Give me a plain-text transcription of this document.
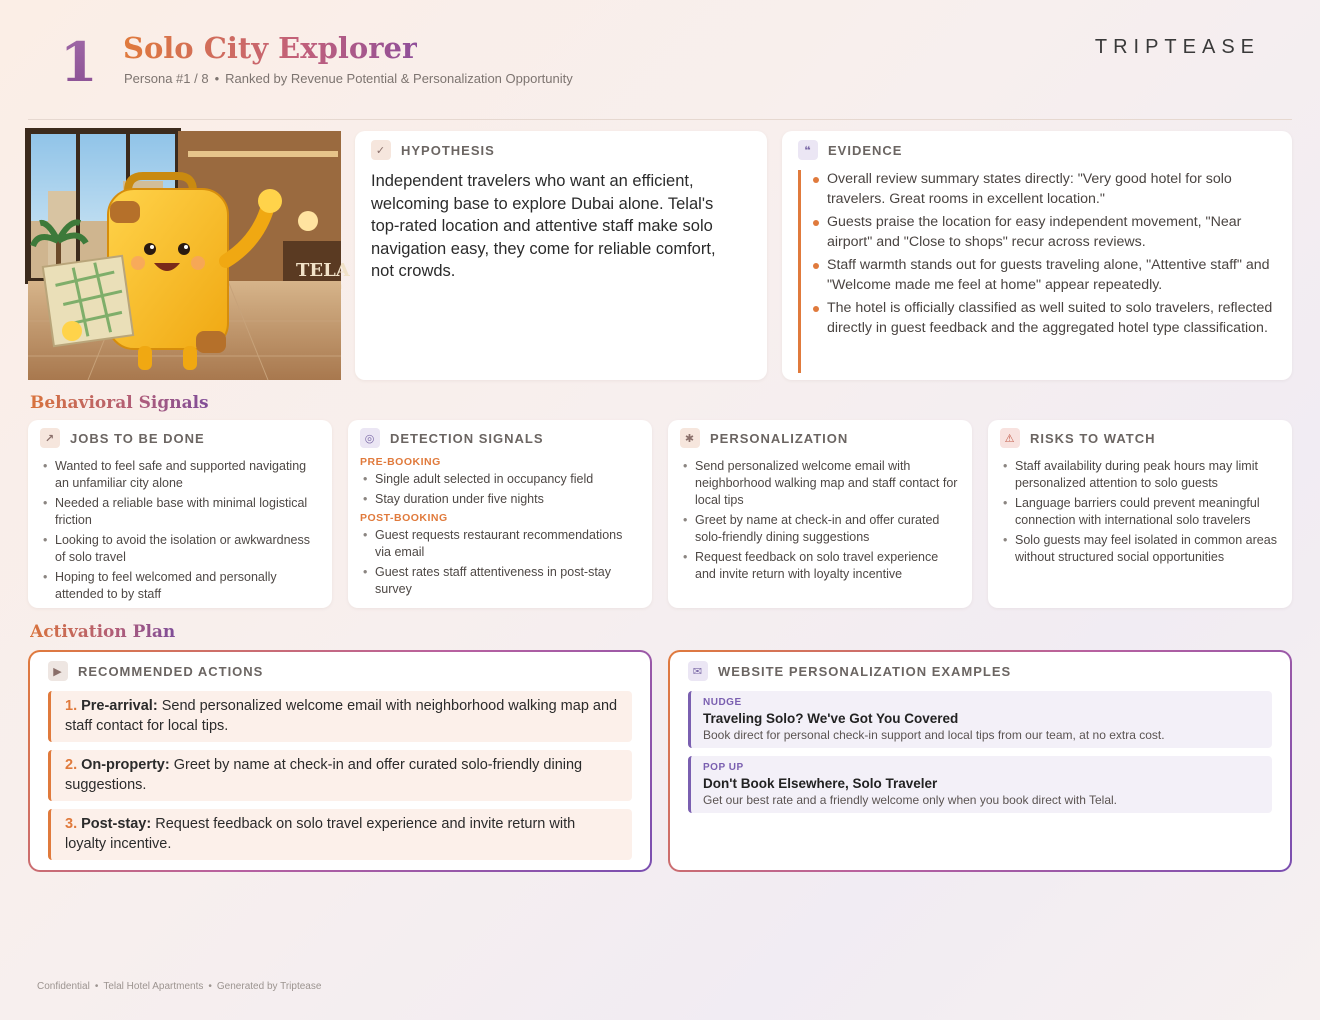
1 Solo City Explorer
Persona #1 / 8 • Ranked by Revenue Potential & Personalization Opportunity
TRIPTEASE
TELA
✓	HYPOTHESIS
Independent travelers who want an efficient, welcoming base to explore Dubai alone. Telal's top-rated location and attentive staff make solo navigation easy, they come for reliable comfort, not crowds.
❝	EVIDENCE
Overall review summary states directly: "Very good hotel for solo travelers. Great rooms in excellent location."
Guests praise the location for easy independent movement, "Near airport" and "Close to shops" recur across reviews.
Staff warmth stands out for guests traveling alone, "Attentive staff" and "Welcome made me feel at home" appear repeatedly.
The hotel is officially classified as well suited to solo travelers, reflected directly in guest feedback and the aggregated hotel type classification.
Behavioral Signals
↗	JOBS TO BE DONE
• Wanted to feel safe and supported navigating an unfamiliar city alone
• Needed a reliable base with minimal logistical friction
• Looking to avoid the isolation or awkwardness of solo travel
• Hoping to feel welcomed and personally attended to by staff
◎	DETECTION SIGNALS
PRE-BOOKING
• Single adult selected in occupancy field
• Stay duration under five nights
POST-BOOKING
• Guest requests restaurant recommendations via email
• Guest rates staff attentiveness in post-stay survey
✱	PERSONALIZATION
• Send personalized welcome email with neighborhood walking map and staff contact for local tips
• Greet by name at check-in and offer curated solo-friendly dining suggestions
• Request feedback on solo travel experience and invite return with loyalty incentive
⚠	RISKS TO WATCH
• Staff availability during peak hours may limit personalized attention to solo guests
• Language barriers could prevent meaningful connection with international solo travelers
• Solo guests may feel isolated in common areas without structured social opportunities
Activation Plan
▶	RECOMMENDED ACTIONS
1. Pre-arrival: Send personalized welcome email with neighborhood walking map and staff contact for local tips.
2. On-property: Greet by name at check-in and offer curated solo-friendly dining suggestions.
3. Post-stay: Request feedback on solo travel experience and invite return with loyalty incentive.
✉	WEBSITE PERSONALIZATION EXAMPLES
NUDGE
Traveling Solo? We've Got You Covered
Book direct for personal check-in support and local tips from our team, at no extra cost.
POP UP
Don't Book Elsewhere, Solo Traveler
Get our best rate and a friendly welcome only when you book direct with Telal.
Confidential • Telal Hotel Apartments • Generated by Triptease
